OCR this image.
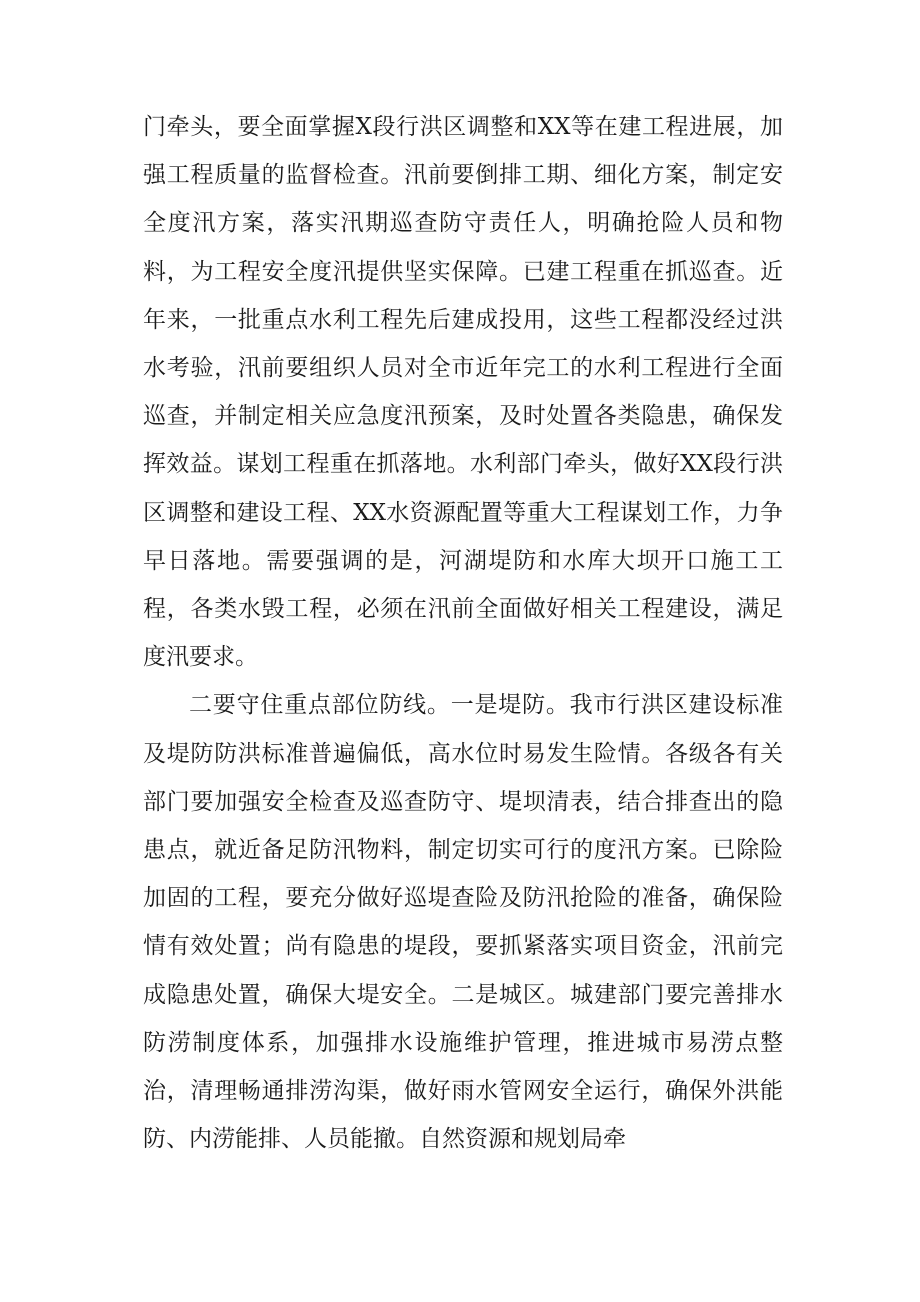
门牵头，要全面掌握X段行洪区调整和XX等在建工程进展，加强工程质量的监督检查。汛前要倒排工期、细化方案，制定安全度汛方案，落实汛期巡查防守责任人，明确抢险人员和物料，为工程安全度汛提供坚实保障。已建工程重在抓巡查。近年来，一批重点水利工程先后建成投用，这些工程都没经过洪水考验，汛前要组织人员对全市近年完工的水利工程进行全面巡查，并制定相关应急度汛预案，及时处置各类隐患，确保发挥效益。谋划工程重在抓落地。水利部门牵头，做好XX段行洪区调整和建设工程、XX水资源配置等重大工程谋划工作，力争早日落地。需要强调的是，河湖堤防和水库大坝开口施工工程，各类水毁工程，必须在汛前全面做好相关工程建设，满足度汛要求。

二要守住重点部位防线。一是堤防。我市行洪区建设标准及堤防防洪标准普遍偏低，高水位时易发生险情。各级各有关部门要加强安全检查及巡查防守、堤坝清表，结合排查出的隐患点，就近备足防汛物料，制定切实可行的度汛方案。已除险加固的工程，要充分做好巡堤查险及防汛抢险的准备，确保险情有效处置；尚有隐患的堤段，要抓紧落实项目资金，汛前完成隐患处置，确保大堤安全。二是城区。城建部门要完善排水防涝制度体系，加强排水设施维护管理，推进城市易涝点整治，清理畅通排涝沟渠，做好雨水管网安全运行，确保外洪能防、内涝能排、人员能撤。自然资源和规划局牵
